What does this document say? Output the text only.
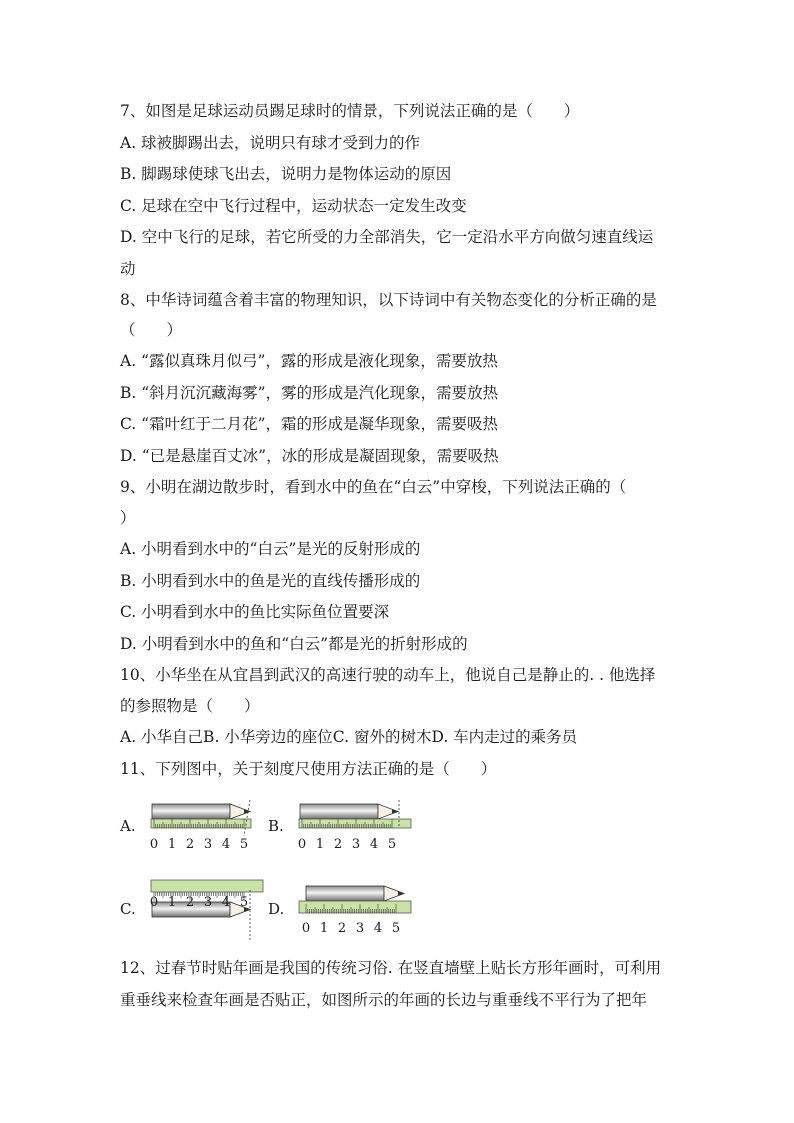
7、如图是足球运动员踢足球时的情景，下列说法正确的是（　　）
A. 球被脚踢出去，说明只有球才受到力的作
B. 脚踢球使球飞出去，说明力是物体运动的原因
C. 足球在空中飞行过程中，运动状态一定发生改变
D. 空中飞行的足球，若它所受的力全部消失，它一定沿水平方向做匀速直线运
动
8、中华诗词蕴含着丰富的物理知识，以下诗词中有关物态变化的分析正确的是
（　　）
A. “露似真珠月似弓”，露的形成是液化现象，需要放热
B. “斜月沉沉藏海雾”，雾的形成是汽化现象，需要放热
C. “霜叶红于二月花”，霜的形成是凝华现象，需要吸热
D. “已是悬崖百丈冰”，冰的形成是凝固现象，需要吸热
9、小明在湖边散步时，看到水中的鱼在“白云”中穿梭，下列说法正确的（
）
A. 小明看到水中的“白云”是光的反射形成的
B. 小明看到水中的鱼是光的直线传播形成的
C. 小明看到水中的鱼比实际鱼位置要深
D. 小明看到水中的鱼和“白云”都是光的折射形成的
10、小华坐在从宜昌到武汉的高速行驶的动车上，他说自己是静止的. . 他选择
的参照物是（　　）
A. 小华自己B. 小华旁边的座位C. 窗外的树木D. 车内走过的乘务员
11、下列图中，关于刻度尺使用方法正确的是（　　）
A.	B.
C.	D.
0 1 2 3 4 5	0 1 2 3 4 5
0 1 2 3 4 5
0 1 2 3 4 5
12、过春节时贴年画是我国的传统习俗. 在竖直墙壁上贴长方形年画时，可利用
重垂线来检查年画是否贴正，如图所示的年画的长边与重垂线不平行为了把年
